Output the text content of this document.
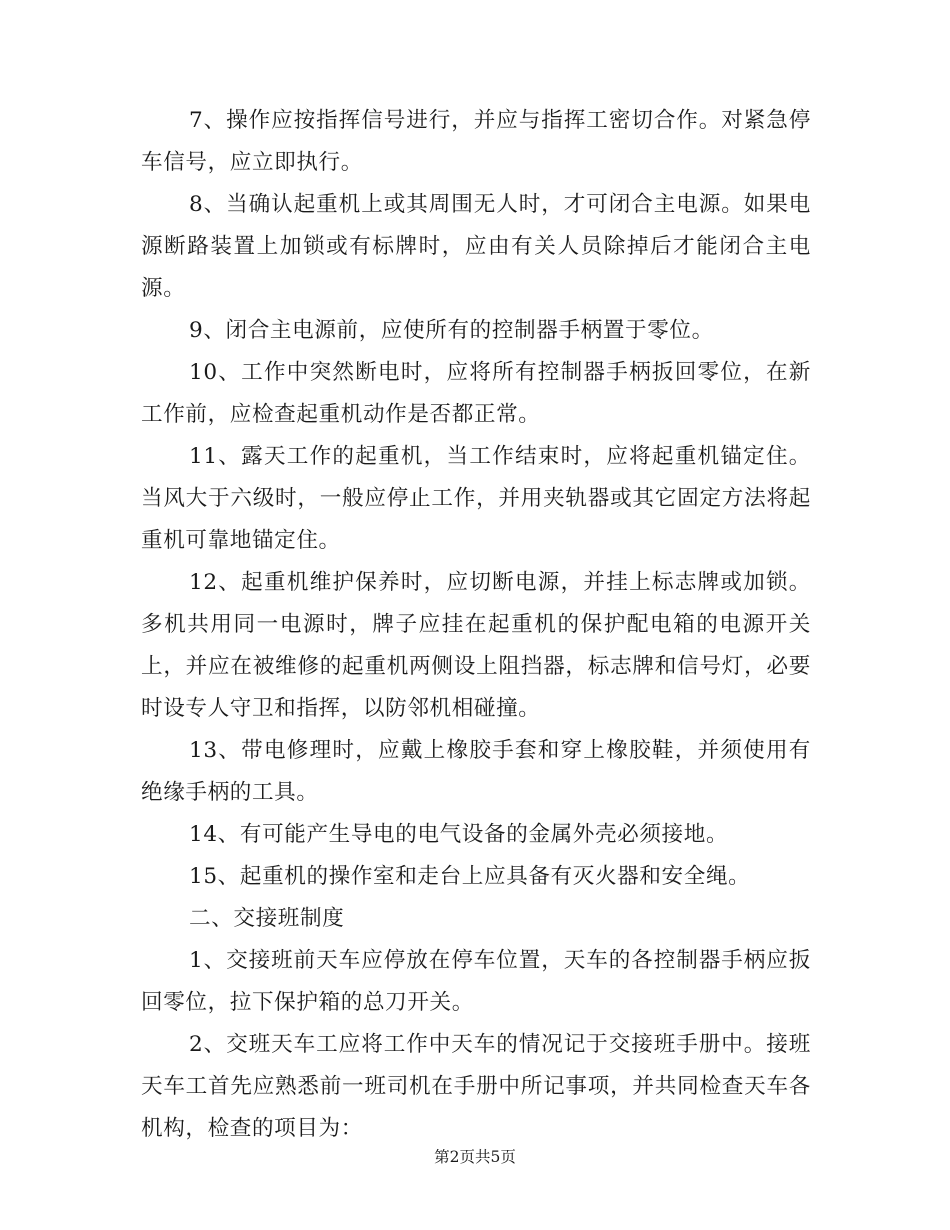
7、操作应按指挥信号进行，并应与指挥工密切合作。对紧急停车信号，应立即执行。

8、当确认起重机上或其周围无人时，才可闭合主电源。如果电源断路装置上加锁或有标牌时，应由有关人员除掉后才能闭合主电源。

9、闭合主电源前，应使所有的控制器手柄置于零位。

10、工作中突然断电时，应将所有控制器手柄扳回零位，在新工作前，应检查起重机动作是否都正常。

11、露天工作的起重机，当工作结束时，应将起重机锚定住。当风大于六级时，一般应停止工作，并用夹轨器或其它固定方法将起重机可靠地锚定住。

12、起重机维护保养时，应切断电源，并挂上标志牌或加锁。多机共用同一电源时，牌子应挂在起重机的保护配电箱的电源开关上，并应在被维修的起重机两侧设上阻挡器，标志牌和信号灯，必要时设专人守卫和指挥，以防邻机相碰撞。

13、带电修理时，应戴上橡胶手套和穿上橡胶鞋，并须使用有绝缘手柄的工具。

14、有可能产生导电的电气设备的金属外壳必须接地。

15、起重机的操作室和走台上应具备有灭火器和安全绳。

二、交接班制度

1、交接班前天车应停放在停车位置，天车的各控制器手柄应扳回零位，拉下保护箱的总刀开关。

2、交班天车工应将工作中天车的情况记于交接班手册中。接班天车工首先应熟悉前一班司机在手册中所记事项，并共同检查天车各机构，检查的项目为：

第2页共5页
